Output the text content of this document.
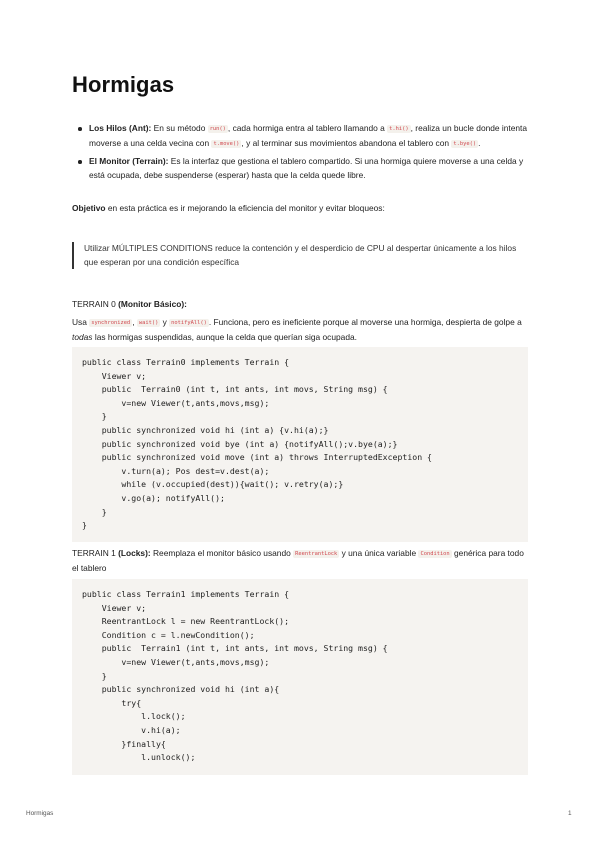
Hormigas
Los Hilos (Ant): En su método run() , cada hormiga entra al tablero llamando a t.hi() , realiza un bucle donde intenta moverse a una celda vecina con t.move() , y al terminar sus movimientos abandona el tablero con t.bye() .
El Monitor (Terrain): Es la interfaz que gestiona el tablero compartido. Si una hormiga quiere moverse a una celda y está ocupada, debe suspenderse (esperar) hasta que la celda quede libre.
Objetivo en esta práctica es ir mejorando la eficiencia del monitor y evitar bloqueos:
Utilizar MÚLTIPLES CONDITIONS reduce la contención y el desperdicio de CPU al despertar únicamente a los hilos que esperan por una condición específica
TERRAIN 0 (Monitor Básico):
Usa synchronized , wait() y notifyAll() . Funciona, pero es ineficiente porque al moverse una hormiga, despierta de golpe a todas las hormigas suspendidas, aunque la celda que querían siga ocupada.
public class Terrain0 implements Terrain {
Viewer v;
public  Terrain0 (int t, int ants, int movs, String msg) {
v=new Viewer(t,ants,movs,msg);
}
public synchronized void hi (int a) {v.hi(a);}
public synchronized void bye (int a) {notifyAll();v.bye(a);}
public synchronized void move (int a) throws InterruptedException {
v.turn(a); Pos dest=v.dest(a);
while (v.occupied(dest)){wait(); v.retry(a);}
v.go(a); notifyAll();
}
}
TERRAIN 1 (Locks): Reemplaza el monitor básico usando ReentrantLock y una única variable Condition genérica para todo el tablero
public class Terrain1 implements Terrain {
Viewer v;
ReentrantLock l = new ReentrantLock();
Condition c = l.newCondition();
public  Terrain1 (int t, int ants, int movs, String msg) {
v=new Viewer(t,ants,movs,msg);
}
public synchronized void hi (int a){
try{
l.lock();
v.hi(a);
}finally{
l.unlock();
Hormigas	1
